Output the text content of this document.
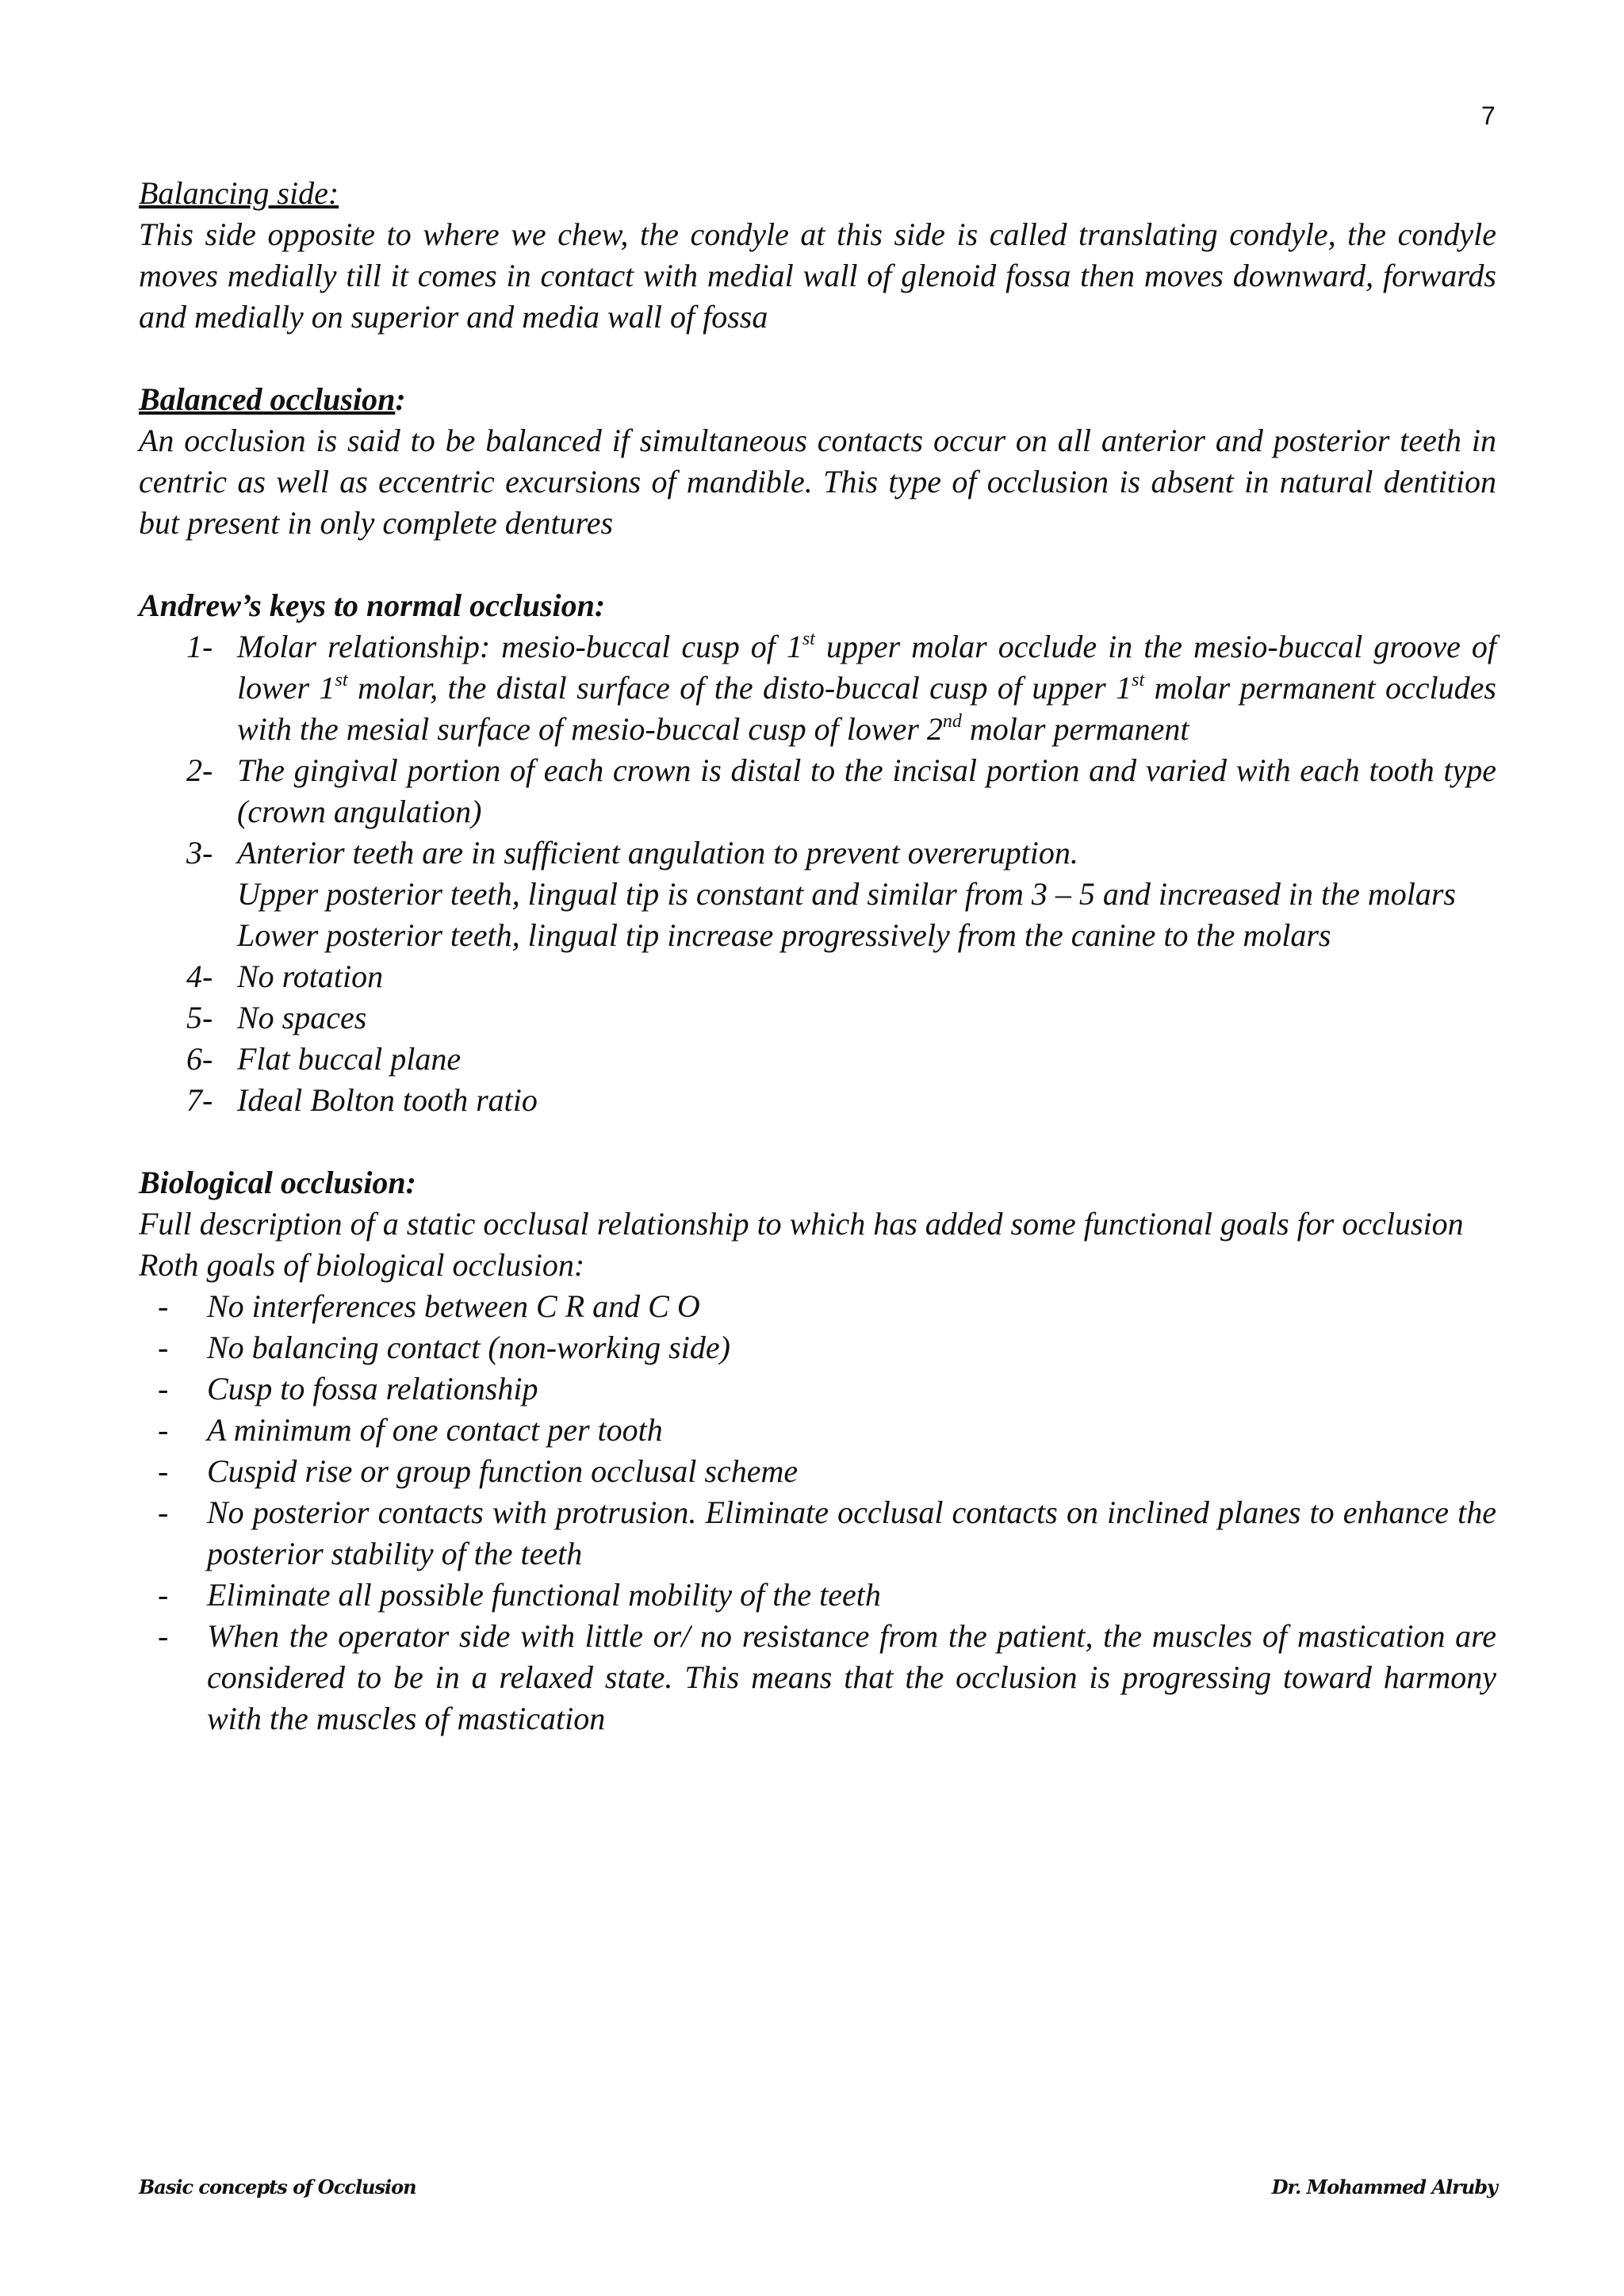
7

Balancing side:

This side opposite to where we chew, the condyle at this side is called translating condyle, the condyle moves medially till it comes in contact with medial wall of glenoid fossa then moves downward, forwards and medially on superior and media wall of fossa

Balanced occlusion:

An occlusion is said to be balanced if simultaneous contacts occur on all anterior and posterior teeth in centric as well as eccentric excursions of mandible. This type of occlusion is absent in natural dentition but present in only complete dentures

Andrew’s keys to normal occlusion:

1- Molar relationship: mesio-buccal cusp of 1st upper molar occlude in the mesio-buccal groove of lower 1st molar, the distal surface of the disto-buccal cusp of upper 1st molar permanent occludes with the mesial surface of mesio-buccal cusp of lower 2nd molar permanent
2- The gingival portion of each crown is distal to the incisal portion and varied with each tooth type (crown angulation)
3- Anterior teeth are in sufficient angulation to prevent overeruption.
Upper posterior teeth, lingual tip is constant and similar from 3 – 5 and increased in the molars
Lower posterior teeth, lingual tip increase progressively from the canine to the molars
4- No rotation
5- No spaces
6- Flat buccal plane
7- Ideal Bolton tooth ratio

Biological occlusion:

Full description of a static occlusal relationship to which has added some functional goals for occlusion

Roth goals of biological occlusion:

- No interferences between C R and C O
- No balancing contact (non-working side)
- Cusp to fossa relationship
- A minimum of one contact per tooth
- Cuspid rise or group function occlusal scheme
- No posterior contacts with protrusion. Eliminate occlusal contacts on inclined planes to enhance the posterior stability of the teeth
- Eliminate all possible functional mobility of the teeth
- When the operator side with little or/ no resistance from the patient, the muscles of mastication are considered to be in a relaxed state. This means that the occlusion is progressing toward harmony with the muscles of mastication
Basic concepts of Occlusion	Dr. Mohammed Alruby
